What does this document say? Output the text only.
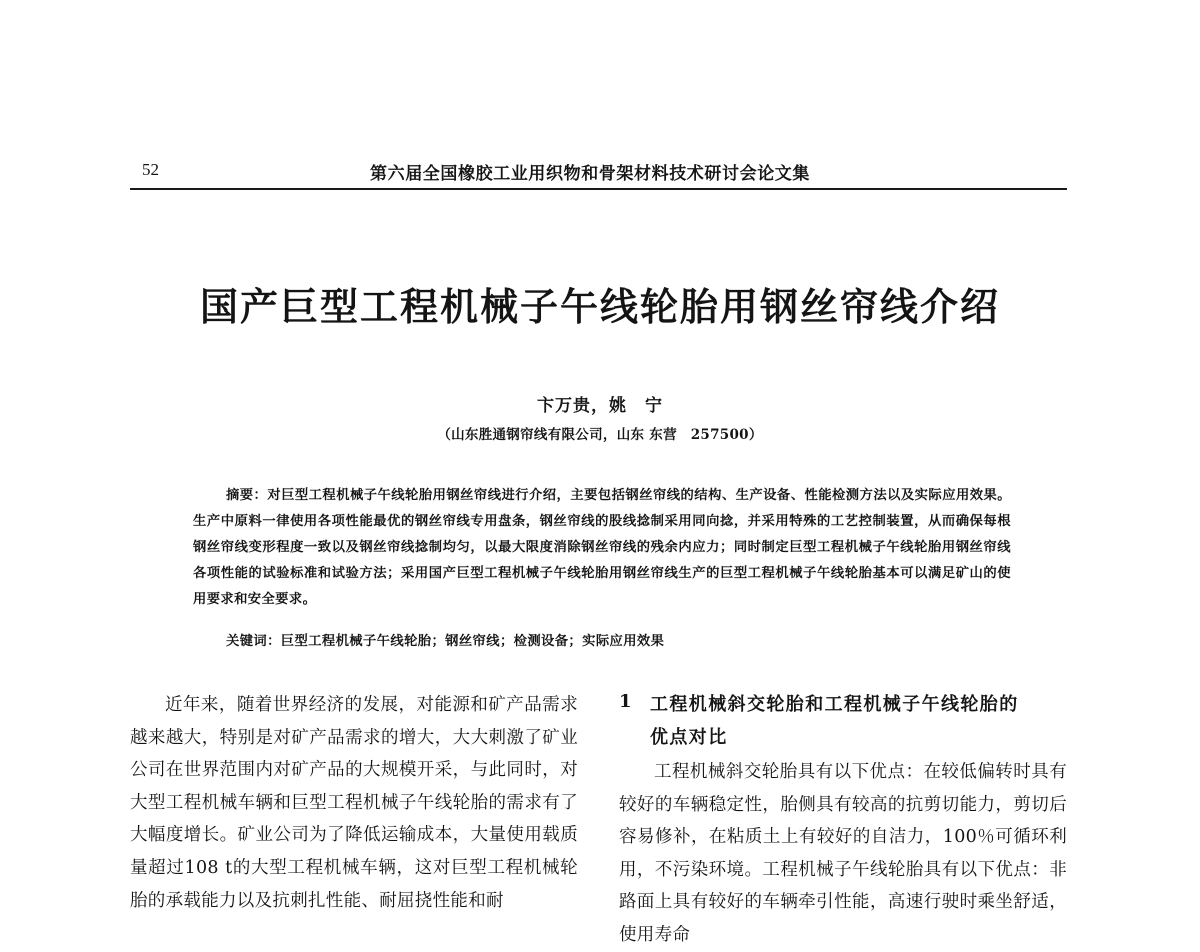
52	第六届全国橡胶工业用织物和骨架材料技术研讨会论文集
国产巨型工程机械子午线轮胎用钢丝帘线介绍
卞万贵，姚　宁
（山东胜通钢帘线有限公司，山东 东营　257500）

摘要：对巨型工程机械子午线轮胎用钢丝帘线进行介绍，主要包括钢丝帘线的结构、生产设备、性能检测方法以及实际应用效果。生产中原料一律使用各项性能最优的钢丝帘线专用盘条，钢丝帘线的股线捻制采用同向捻，并采用特殊的工艺控制装置，从而确保每根钢丝帘线变形程度一致以及钢丝帘线捻制均匀，以最大限度消除钢丝帘线的残余内应力；同时制定巨型工程机械子午线轮胎用钢丝帘线各项性能的试验标准和试验方法；采用国产巨型工程机械子午线轮胎用钢丝帘线生产的巨型工程机械子午线轮胎基本可以满足矿山的使用要求和安全要求。

关键词：巨型工程机械子午线轮胎；钢丝帘线；检测设备；实际应用效果

近年来，随着世界经济的发展，对能源和矿产品需求越来越大，特别是对矿产品需求的增大，大大刺激了矿业公司在世界范围内对矿产品的大规模开采，与此同时，对大型工程机械车辆和巨型工程机械子午线轮胎的需求有了大幅度增长。矿业公司为了降低运输成本，大量使用载质量超过108 t的大型工程机械车辆，这对巨型工程机械轮胎的承载能力以及抗刺扎性能、耐屈挠性能和耐

1 工程机械斜交轮胎和工程机械子午线轮胎的
优点对比

工程机械斜交轮胎具有以下优点：在较低偏转时具有较好的车辆稳定性，胎侧具有较高的抗剪切能力，剪切后容易修补，在粘质土上有较好的自洁力，100％可循环利用，不污染环境。工程机械子午线轮胎具有以下优点：非路面上具有较好的车辆牵引性能，高速行驶时乘坐舒适，使用寿命
